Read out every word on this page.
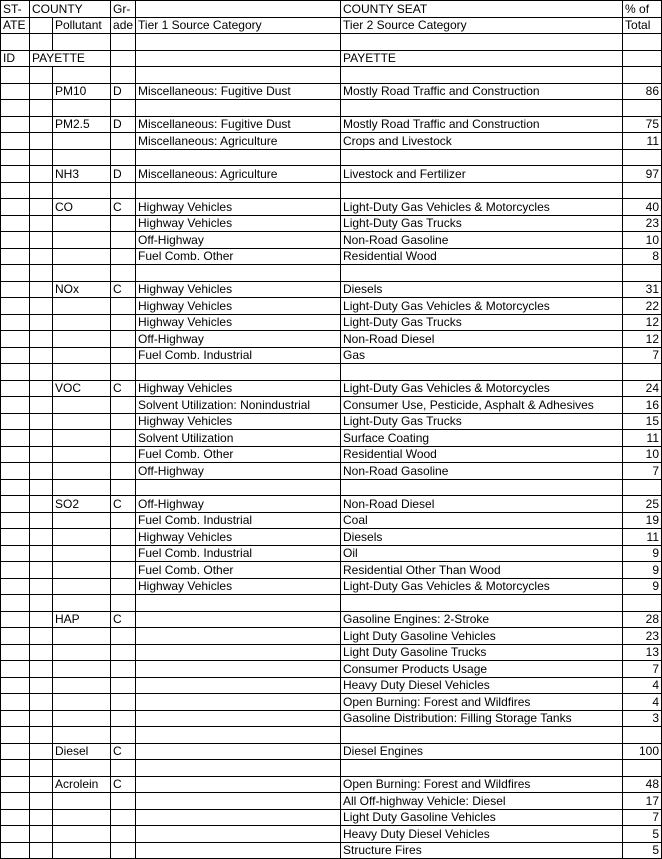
ST-	COUNTY		Gr-		COUNTY SEAT	% of
ATE		Pollutant	ade	Tier 1 Source Category	Tier 2 Source Category	Total

ID	PAYETTE				PAYETTE	

		PM10	D	Miscellaneous: Fugitive Dust	Mostly Road Traffic and Construction	86

		PM2.5	D	Miscellaneous: Fugitive Dust	Mostly Road Traffic and Construction	75
				Miscellaneous: Agriculture	Crops and Livestock	11

		NH3	D	Miscellaneous: Agriculture	Livestock and Fertilizer	97

		CO	C	Highway Vehicles	Light-Duty Gas Vehicles & Motorcycles	40
				Highway Vehicles	Light-Duty Gas Trucks	23
				Off-Highway	Non-Road Gasoline	10
				Fuel Comb. Other	Residential Wood	8

		NOx	C	Highway Vehicles	Diesels	31
				Highway Vehicles	Light-Duty Gas Vehicles & Motorcycles	22
				Highway Vehicles	Light-Duty Gas Trucks	12
				Off-Highway	Non-Road Diesel	12
				Fuel Comb. Industrial	Gas	7

		VOC	C	Highway Vehicles	Light-Duty Gas Vehicles & Motorcycles	24
				Solvent Utilization: Nonindustrial	Consumer Use, Pesticide, Asphalt & Adhesives	16
				Highway Vehicles	Light-Duty Gas Trucks	15
				Solvent Utilization	Surface Coating	11
				Fuel Comb. Other	Residential Wood	10
				Off-Highway	Non-Road Gasoline	7

		SO2	C	Off-Highway	Non-Road Diesel	25
				Fuel Comb. Industrial	Coal	19
				Highway Vehicles	Diesels	11
				Fuel Comb. Industrial	Oil	9
				Fuel Comb. Other	Residential Other Than Wood	9
				Highway Vehicles	Light-Duty Gas Vehicles & Motorcycles	9

		HAP	C		Gasoline Engines: 2-Stroke	28
					Light Duty Gasoline Vehicles	23
					Light Duty Gasoline Trucks	13
					Consumer Products Usage	7
					Heavy Duty Diesel Vehicles	4
					Open Burning: Forest and Wildfires	4
					Gasoline Distribution: Filling Storage Tanks	3

		Diesel	C		Diesel Engines	100

		Acrolein	C		Open Burning: Forest and Wildfires	48
					All Off-highway Vehicle: Diesel	17
					Light Duty Gasoline Vehicles	7
					Heavy Duty Diesel Vehicles	5
					Structure Fires	5
